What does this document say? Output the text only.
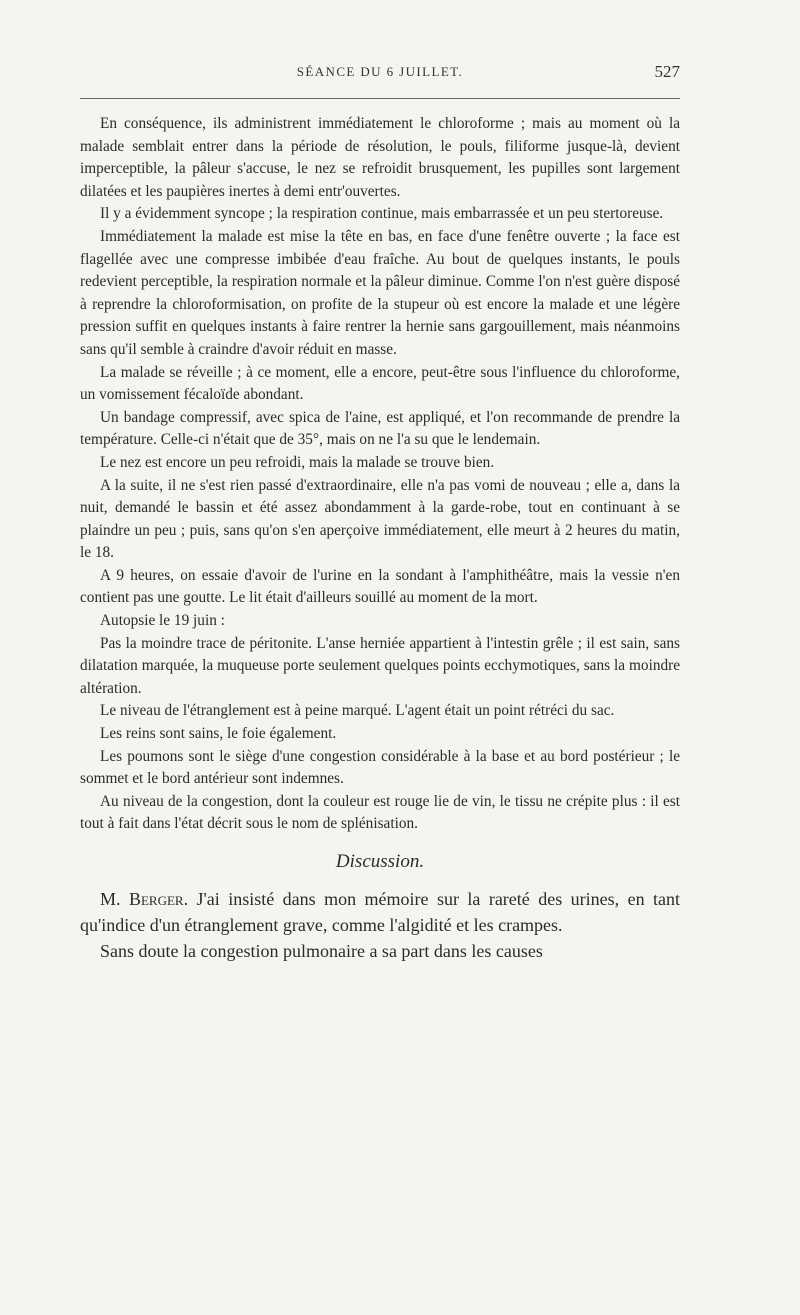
SÉANCE DU 6 JUILLET.	527

En conséquence, ils administrent immédiatement le chloroforme ; mais au moment où la malade semblait entrer dans la période de résolution, le pouls, filiforme jusque-là, devient imperceptible, la pâleur s'accuse, le nez se refroidit brusquement, les pupilles sont largement dilatées et les paupières inertes à demi entr'ouvertes.

Il y a évidemment syncope ; la respiration continue, mais embarrassée et un peu stertoreuse.

Immédiatement la malade est mise la tête en bas, en face d'une fenêtre ouverte ; la face est flagellée avec une compresse imbibée d'eau fraîche. Au bout de quelques instants, le pouls redevient perceptible, la respiration normale et la pâleur diminue. Comme l'on n'est guère disposé à reprendre la chloroformisation, on profite de la stupeur où est encore la malade et une légère pression suffit en quelques instants à faire rentrer la hernie sans gargouillement, mais néanmoins sans qu'il semble à craindre d'avoir réduit en masse.

La malade se réveille ; à ce moment, elle a encore, peut-être sous l'influence du chloroforme, un vomissement fécaloïde abondant.

Un bandage compressif, avec spica de l'aine, est appliqué, et l'on recommande de prendre la température. Celle-ci n'était que de 35°, mais on ne l'a su que le lendemain.

Le nez est encore un peu refroidi, mais la malade se trouve bien.

A la suite, il ne s'est rien passé d'extraordinaire, elle n'a pas vomi de nouveau ; elle a, dans la nuit, demandé le bassin et été assez abondamment à la garde-robe, tout en continuant à se plaindre un peu ; puis, sans qu'on s'en aperçoive immédiatement, elle meurt à 2 heures du matin, le 18.

A 9 heures, on essaie d'avoir de l'urine en la sondant à l'amphithéâtre, mais la vessie n'en contient pas une goutte. Le lit était d'ailleurs souillé au moment de la mort.

Autopsie le 19 juin :

Pas la moindre trace de péritonite. L'anse herniée appartient à l'intestin grêle ; il est sain, sans dilatation marquée, la muqueuse porte seulement quelques points ecchymotiques, sans la moindre altération.

Le niveau de l'étranglement est à peine marqué. L'agent était un point rétréci du sac.

Les reins sont sains, le foie également.

Les poumons sont le siège d'une congestion considérable à la base et au bord postérieur ; le sommet et le bord antérieur sont indemnes.

Au niveau de la congestion, dont la couleur est rouge lie de vin, le tissu ne crépite plus : il est tout à fait dans l'état décrit sous le nom de splénisation.

Discussion.

M. Berger. J'ai insisté dans mon mémoire sur la rareté des urines, en tant qu'indice d'un étranglement grave, comme l'algidité et les crampes.

Sans doute la congestion pulmonaire a sa part dans les causes
